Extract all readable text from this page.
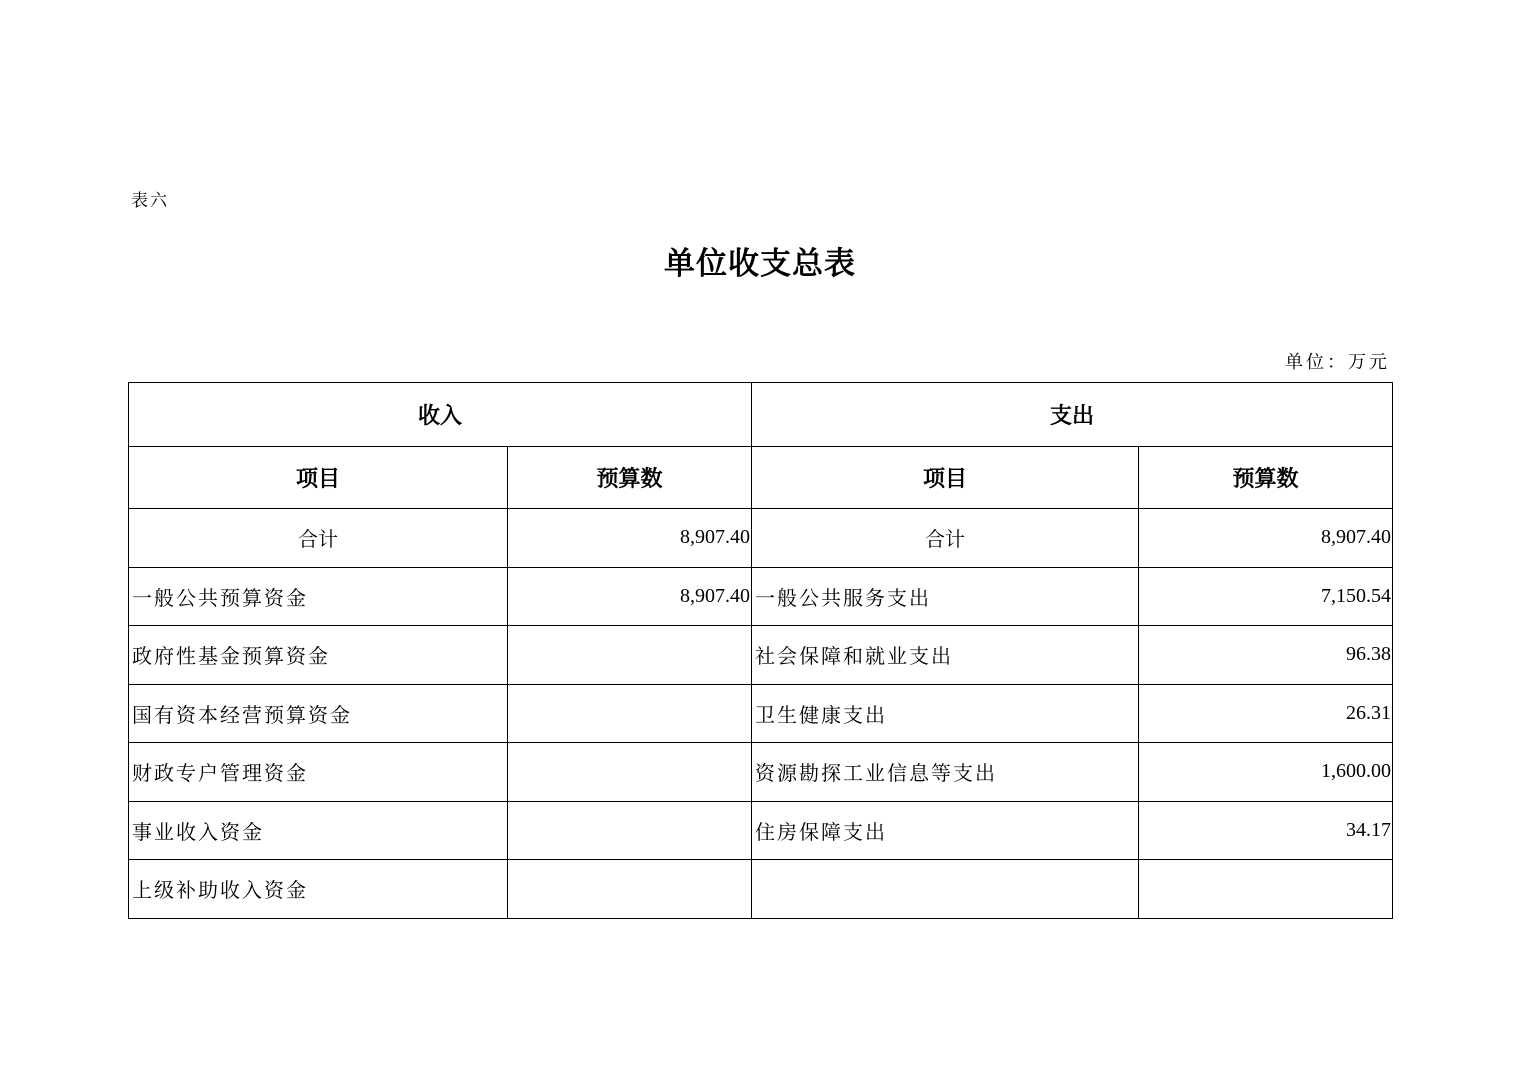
表六
单位收支总表
单位：万元
收入		支出	
项目	预算数	项目	预算数
合计	8,907.40	合计	8,907.40
一般公共预算资金	8,907.40	一般公共服务支出	7,150.54
政府性基金预算资金		社会保障和就业支出	96.38
国有资本经营预算资金		卫生健康支出	26.31
财政专户管理资金		资源勘探工业信息等支出	1,600.00
事业收入资金		住房保障支出	34.17
上级补助收入资金			
